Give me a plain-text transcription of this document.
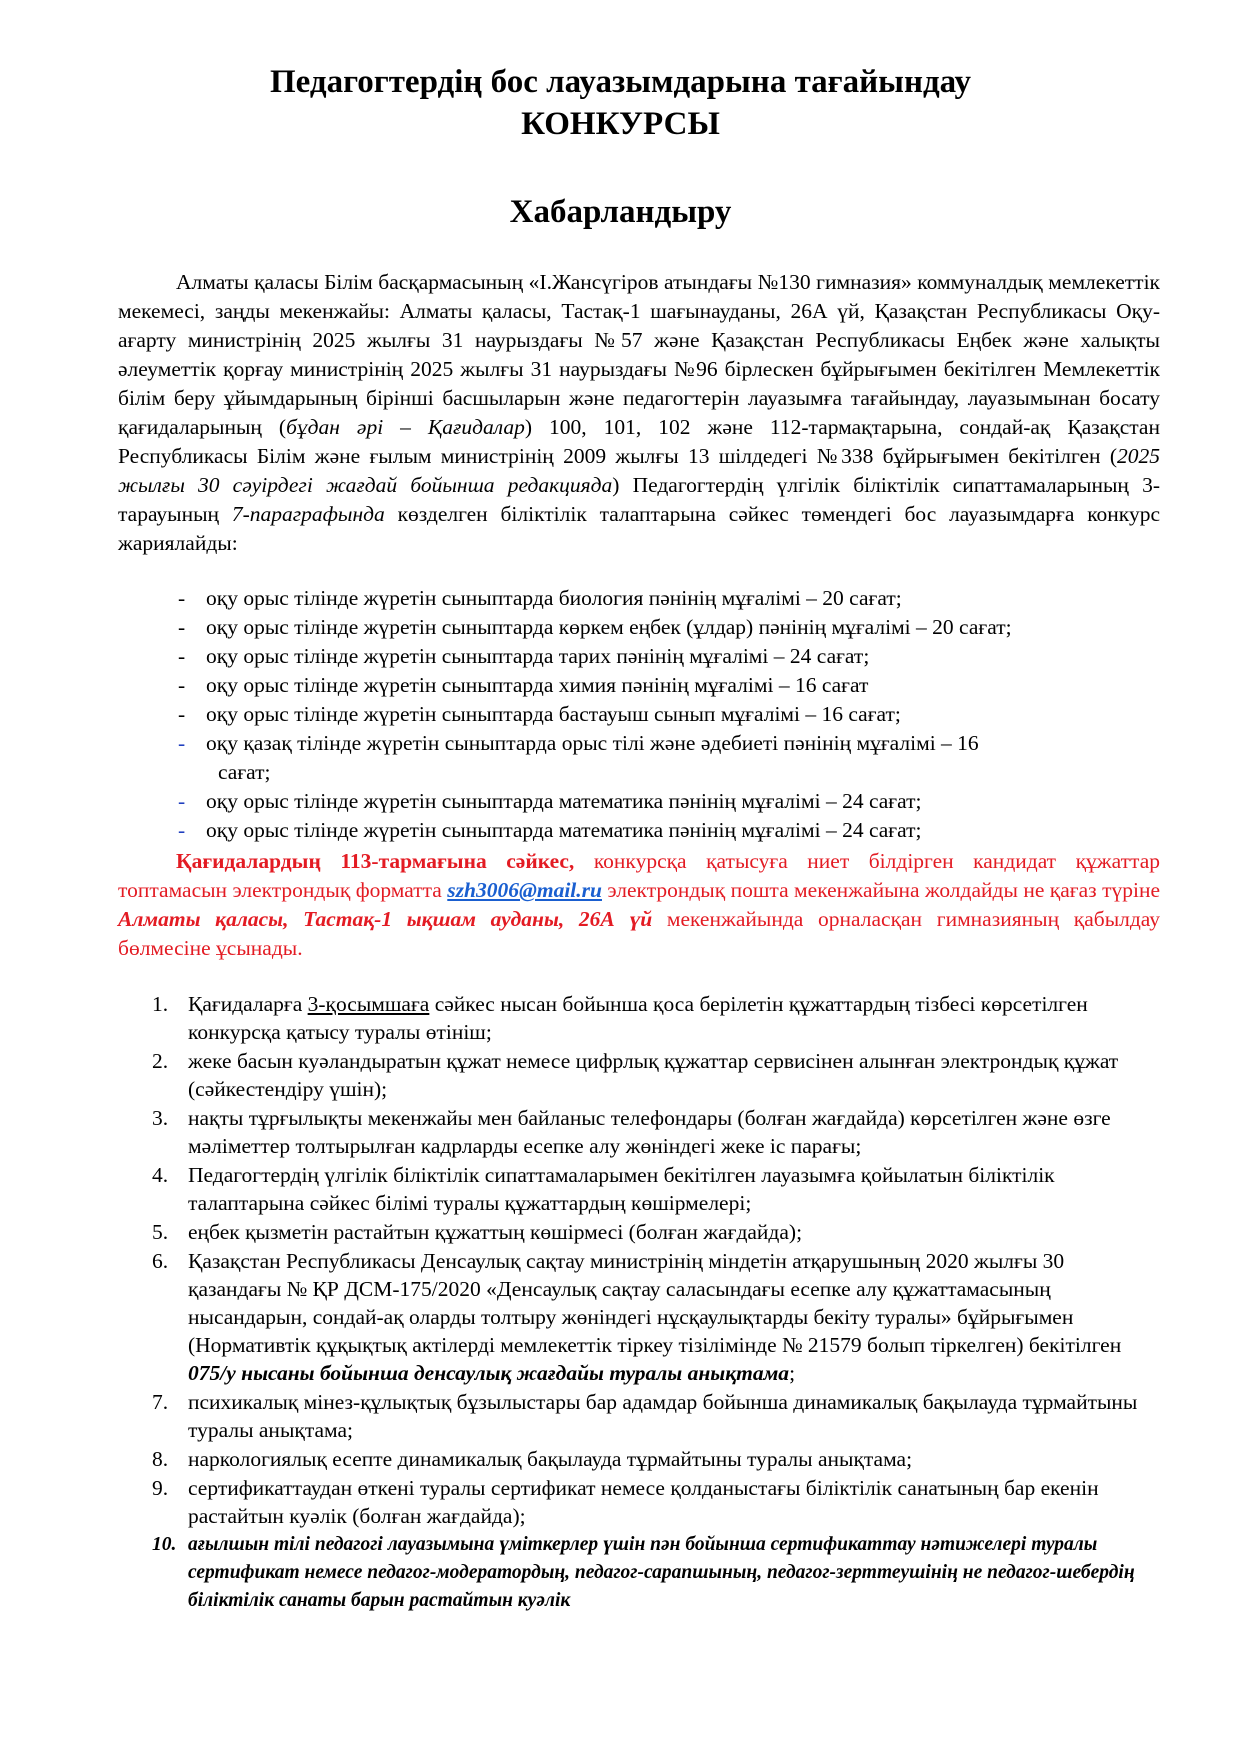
Педагогтердің бос лауазымдарына тағайындау
КОНКУРСЫ
Хабарландыру

Алматы қаласы Білім басқармасының «І.Жансүгіров атындағы №130 гимназия» коммуналдық мемлекеттік мекемесі, заңды мекенжайы: Алматы қаласы, Тастақ-1 шағынауданы, 26А үй, Қазақстан Республикасы Оқу-ағарту министрінің 2025 жылғы 31 наурыздағы №57 және Қазақстан Республикасы Еңбек және халықты әлеуметтік қорғау министрінің 2025 жылғы 31 наурыздағы №96 бірлескен бұйрығымен бекітілген Мемлекеттік білім беру ұйымдарының бірінші басшыларын және педагогтерін лауазымға тағайындау, лауазымынан босату қағидаларының (бұдан әрі – Қағидалар) 100, 101, 102 және 112-тармақтарына, сондай-ақ Қазақстан Республикасы Білім және ғылым министрінің 2009 жылғы 13 шілдедегі №338 бұйрығымен бекітілген (2025 жылғы 30 сәуірдегі жағдай бойынша редакцияда) Педагогтердің үлгілік біліктілік сипаттамаларының 3-тарауының 7-параграфында көзделген біліктілік талаптарына сәйкес төмендегі бос лауазымдарға конкурс жариялайды:

- оқу орыс тілінде жүретін сыныптарда биология пәнінің мұғалімі – 20 сағат;

- оқу орыс тілінде жүретін сыныптарда көркем еңбек (ұлдар) пәнінің мұғалімі – 20 сағат;

- оқу орыс тілінде жүретін сыныптарда тарих пәнінің мұғалімі – 24 сағат;

- оқу орыс тілінде жүретін сыныптарда химия пәнінің мұғалімі – 16 сағат

- оқу орыс тілінде жүретін сыныптарда бастауыш сынып мұғалімі – 16 сағат;

- оқу қазақ тілінде жүретін сыныптарда орыс тілі және әдебиеті пәнінің мұғалімі – 16
сағат;

- оқу орыс тілінде жүретін сыныптарда математика пәнінің мұғалімі – 24 сағат;

- оқу орыс тілінде жүретін сыныптарда математика пәнінің мұғалімі – 24 сағат;

Қағидалардың 113-тармағына сәйкес, конкурсқа қатысуға ниет білдірген кандидат құжаттар топтамасын электрондық форматта szh3006@mail.ru электрондық пошта мекенжайына жолдайды не қағаз түріне Алматы қаласы, Тастақ-1 ықшам ауданы, 26А үй мекенжайында орналасқан гимназияның қабылдау бөлмесіне ұсынады.

1. Қағидаларға 3-қосымшаға сәйкес нысан бойынша қоса берілетін құжаттардың тізбесі көрсетілген конкурсқа қатысу туралы өтініш;

2. жеке басын куәландыратын құжат немесе цифрлық құжаттар сервисінен алынған электрондық құжат (сәйкестендіру үшін);

3. нақты тұрғылықты мекенжайы мен байланыс телефондары (болған жағдайда) көрсетілген және өзге мәліметтер толтырылған кадрларды есепке алу жөніндегі жеке іс парағы;

4. Педагогтердің үлгілік біліктілік сипаттамаларымен бекітілген лауазымға қойылатын біліктілік талаптарына сәйкес білімі туралы құжаттардың көшірмелері;

5. еңбек қызметін растайтын құжаттың көшірмесі (болған жағдайда);

6. Қазақстан Республикасы Денсаулық сақтау министрінің міндетін атқарушының 2020 жылғы 30 қазандағы № ҚР ДСМ-175/2020 «Денсаулық сақтау саласындағы есепке алу құжаттамасының нысандарын, сондай-ақ оларды толтыру жөніндегі нұсқаулықтарды бекіту туралы» бұйрығымен (Нормативтік құқықтық актілерді мемлекеттік тіркеу тізілімінде № 21579 болып тіркелген) бекітілген 075/у нысаны бойынша денсаулық жағдайы туралы анықтама;

7. психикалық мінез-құлықтық бұзылыстары бар адамдар бойынша динамикалық бақылауда тұрмайтыны туралы анықтама;

8. наркологиялық есепте динамикалық бақылауда тұрмайтыны туралы анықтама;

9. сертификаттаудан өткені туралы сертификат немесе қолданыстағы біліктілік санатының бар екенін растайтын куәлік (болған жағдайда);

10. ағылшын тілі педагогі лауазымына үміткерлер үшін пән бойынша сертификаттау нәтижелері туралы сертификат немесе педагог-модератордың, педагог-сарапшының, педагог-зерттеушінің не педагог-шебердің біліктілік санаты барын растайтын куәлік
